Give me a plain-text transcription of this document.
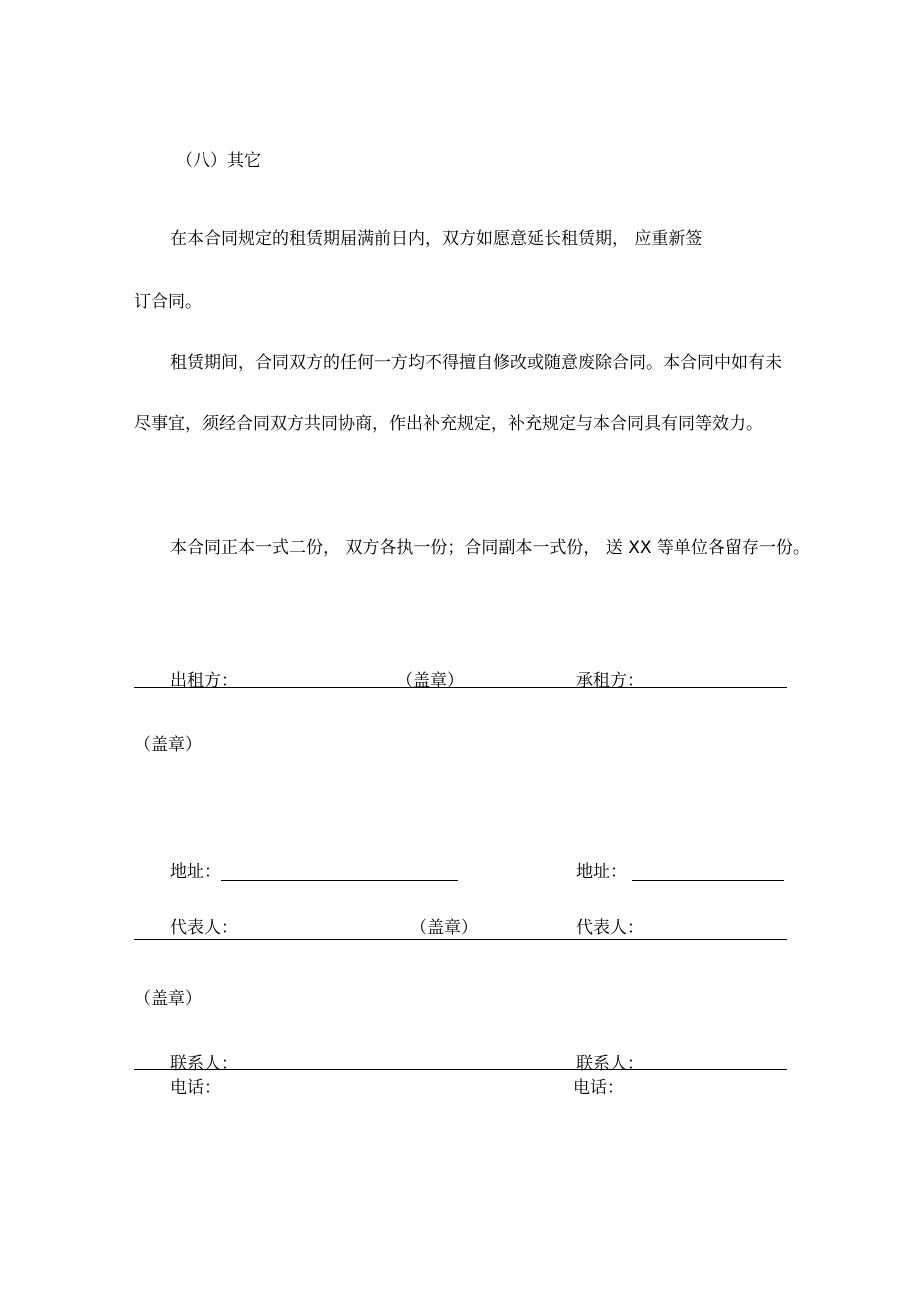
（八）其它
在本合同规定的租赁期届满前日内，双方如愿意延长租赁期， 应重新签
订合同。
租赁期间，合同双方的任何一方均不得擅自修改或随意废除合同。本合同中如有未
尽事宜，须经合同双方共同协商，作出补充规定，补充规定与本合同具有同等效力。
本合同正本一式二份， 双方各执一份；合同副本一式份， 送 XX 等单位各留存一份。
出租方：	（盖章）	承租方：
（盖章）
地址：	地址：
代表人：	（盖章）	代表人：
（盖章）
联系人：	联系人：
电话：	电话：
